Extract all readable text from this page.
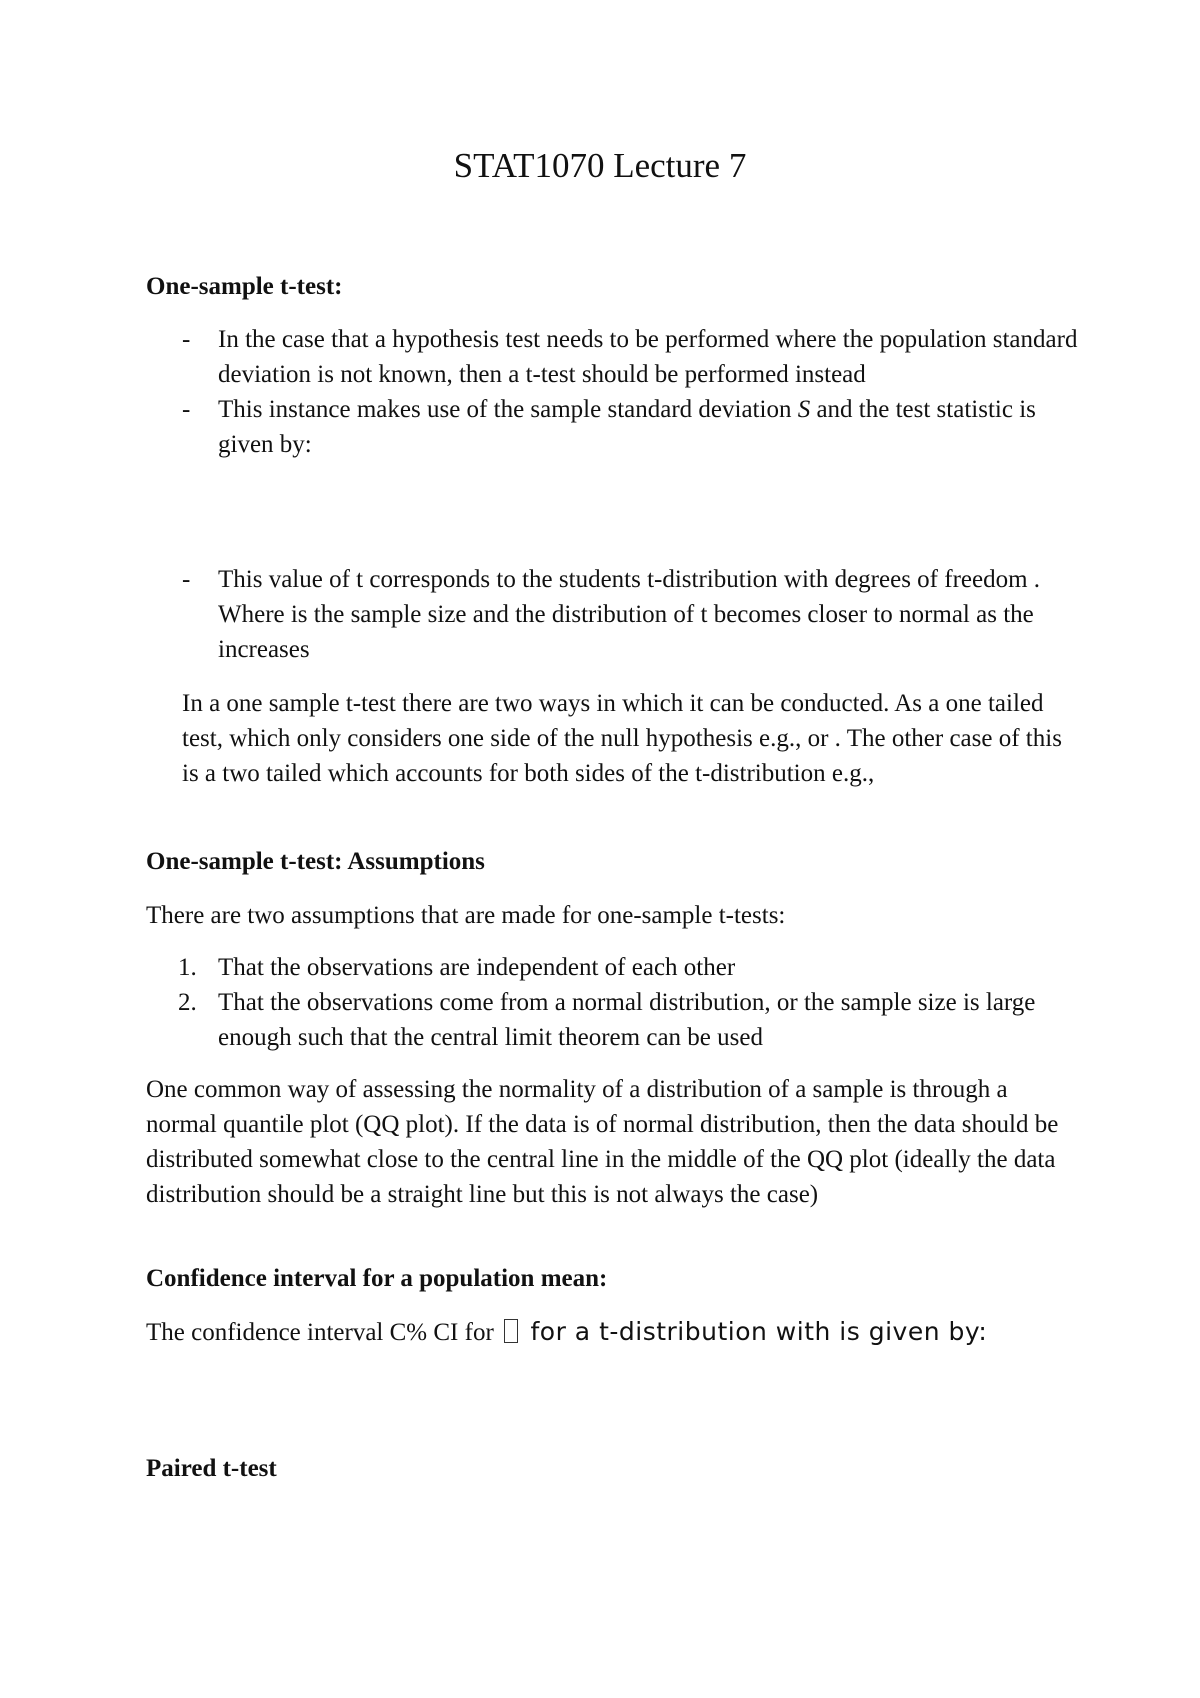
STAT1070 Lecture 7
One-sample t-test:
- In the case that a hypothesis test needs to be performed where the population standard deviation is not known, then a t-test should be performed instead
- This instance makes use of the sample standard deviation S and the test statistic is given by:
- This value of t corresponds to the students t-distribution with degrees of freedom . Where is the sample size and the distribution of t becomes closer to normal as the increases

In a one sample t-test there are two ways in which it can be conducted. As a one tailed test, which only considers one side of the null hypothesis e.g., or . The other case of this is a two tailed which accounts for both sides of the t-distribution e.g.,

One-sample t-test: Assumptions

There are two assumptions that are made for one-sample t-tests:

1. That the observations are independent of each other
2. That the observations come from a normal distribution, or the sample size is large enough such that the central limit theorem can be used

One common way of assessing the normality of a distribution of a sample is through a normal quantile plot (QQ plot). If the data is of normal distribution, then the data should be distributed somewhat close to the central line in the middle of the QQ plot (ideally the data distribution should be a straight line but this is not always the case)

Confidence interval for a population mean:

The confidence interval C% CI for  for a t-distribution with is given by:

Paired t-test
